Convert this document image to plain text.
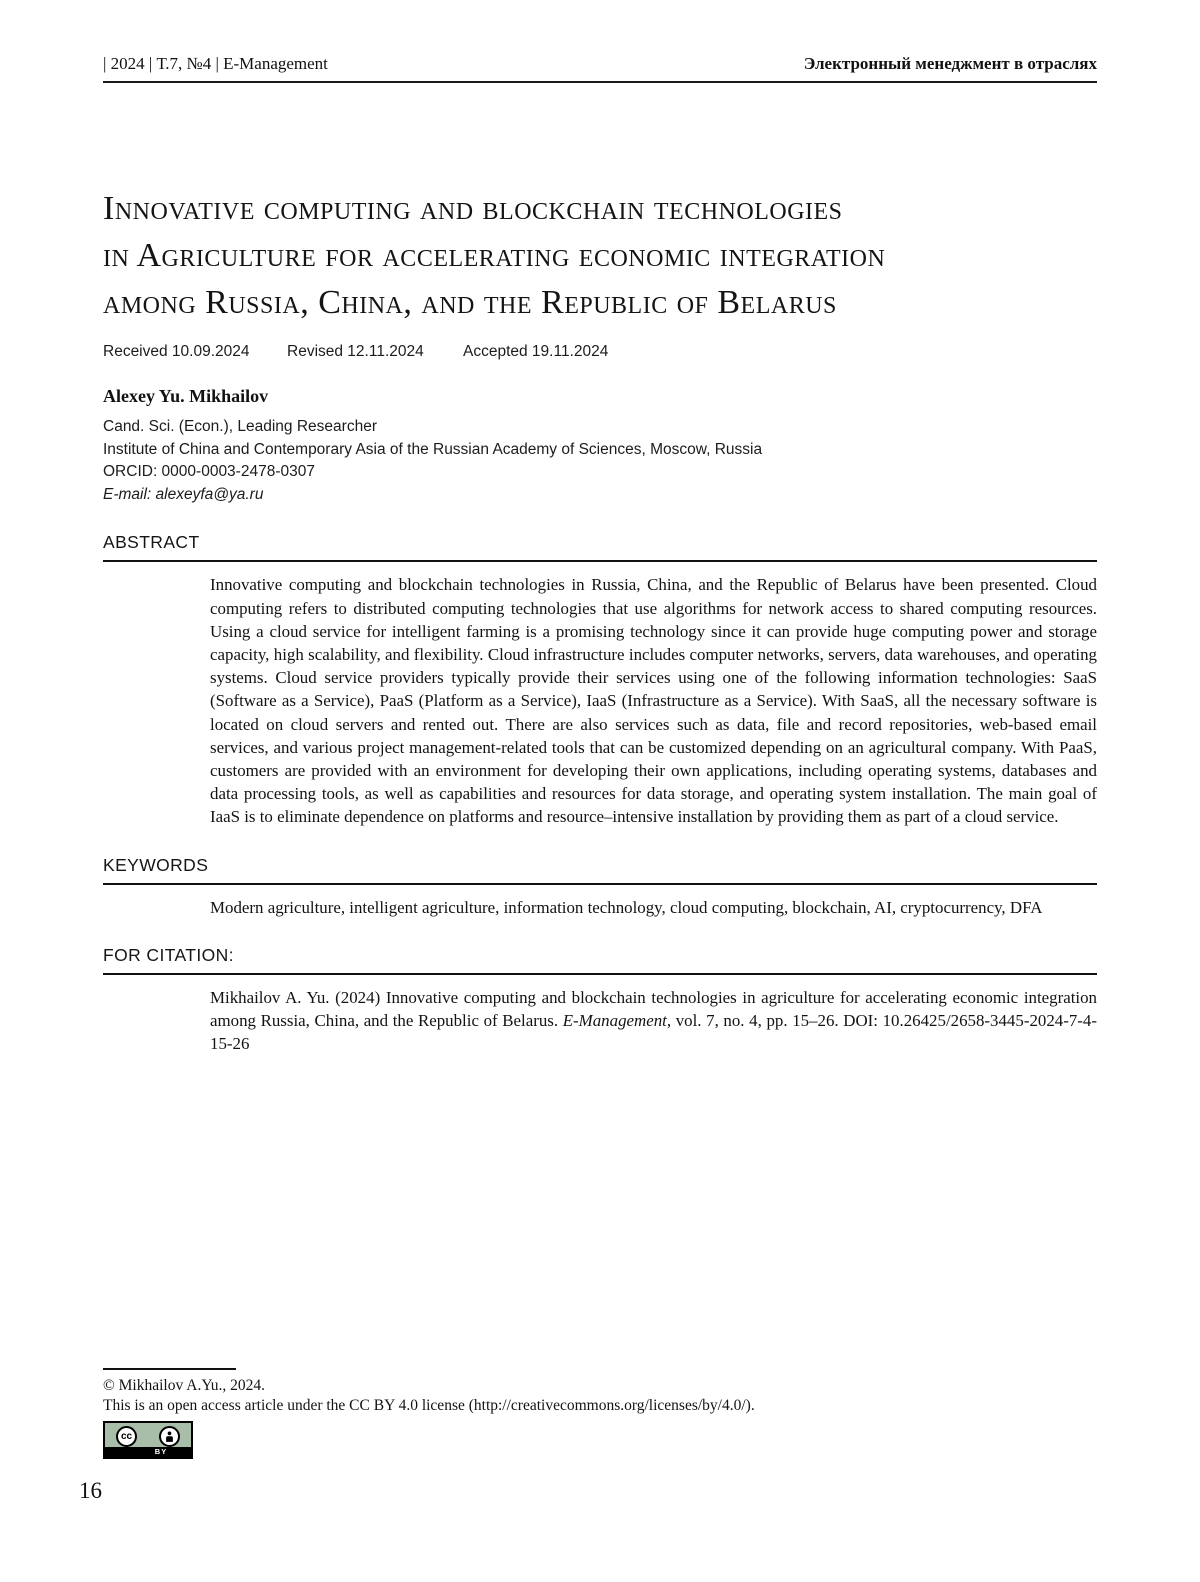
| 2024 | Т.7, №4 | E-Management	Электронный менеджмент в отраслях
Innovative computing and blockchain technologies
in Agriculture for accelerating economic integration
among Russia, China, and the Republic of Belarus
Received 10.09.2024	Revised 12.11.2024	Accepted 19.11.2024
Alexey Yu. Mikhailov
Cand. Sci. (Econ.), Leading Researcher
Institute of China and Contemporary Asia of the Russian Academy of Sciences, Moscow, Russia
ORCID: 0000-0003-2478-0307
E-mail: alexeyfa@ya.ru
ABSTRACT

Innovative computing and blockchain technologies in Russia, China, and the Republic of Belarus have been presented. Cloud computing refers to distributed computing technologies that use algorithms for network access to shared computing resources. Using a cloud service for intelligent farming is a promising technology since it can provide huge computing power and storage capacity, high scalability, and flexibility. Cloud infrastructure includes computer networks, servers, data warehouses, and operating systems. Cloud service providers typically provide their services using one of the following information technologies: SaaS (Software as a Service), PaaS (Platform as a Service), IaaS (Infrastructure as a Service). With SaaS, all the necessary software is located on cloud servers and rented out. There are also services such as data, file and record repositories, web-based email services, and various project management-related tools that can be customized depending on an agricultural company. With PaaS, customers are provided with an environment for developing their own applications, including operating systems, databases and data processing tools, as well as capabilities and resources for data storage, and operating system installation. The main goal of IaaS is to eliminate dependence on platforms and resource–intensive installation by providing them as part of a cloud service.

KEYWORDS

Modern agriculture, intelligent agriculture, information technology, cloud computing, blockchain, AI, cryptocurrency, DFA

FOR CITATION:

Mikhailov A. Yu. (2024) Innovative computing and blockchain technologies in agriculture for accelerating economic integration among Russia, China, and the Republic of Belarus. E-Management, vol. 7, no. 4, pp. 15–26. DOI: 10.26425/2658-3445-2024-7-4-15-26

© Mikhailov A.Yu., 2024.
This is an open access article under the CC BY 4.0 license (http://creativecommons.org/licenses/by/4.0/).
cc
BY
16
